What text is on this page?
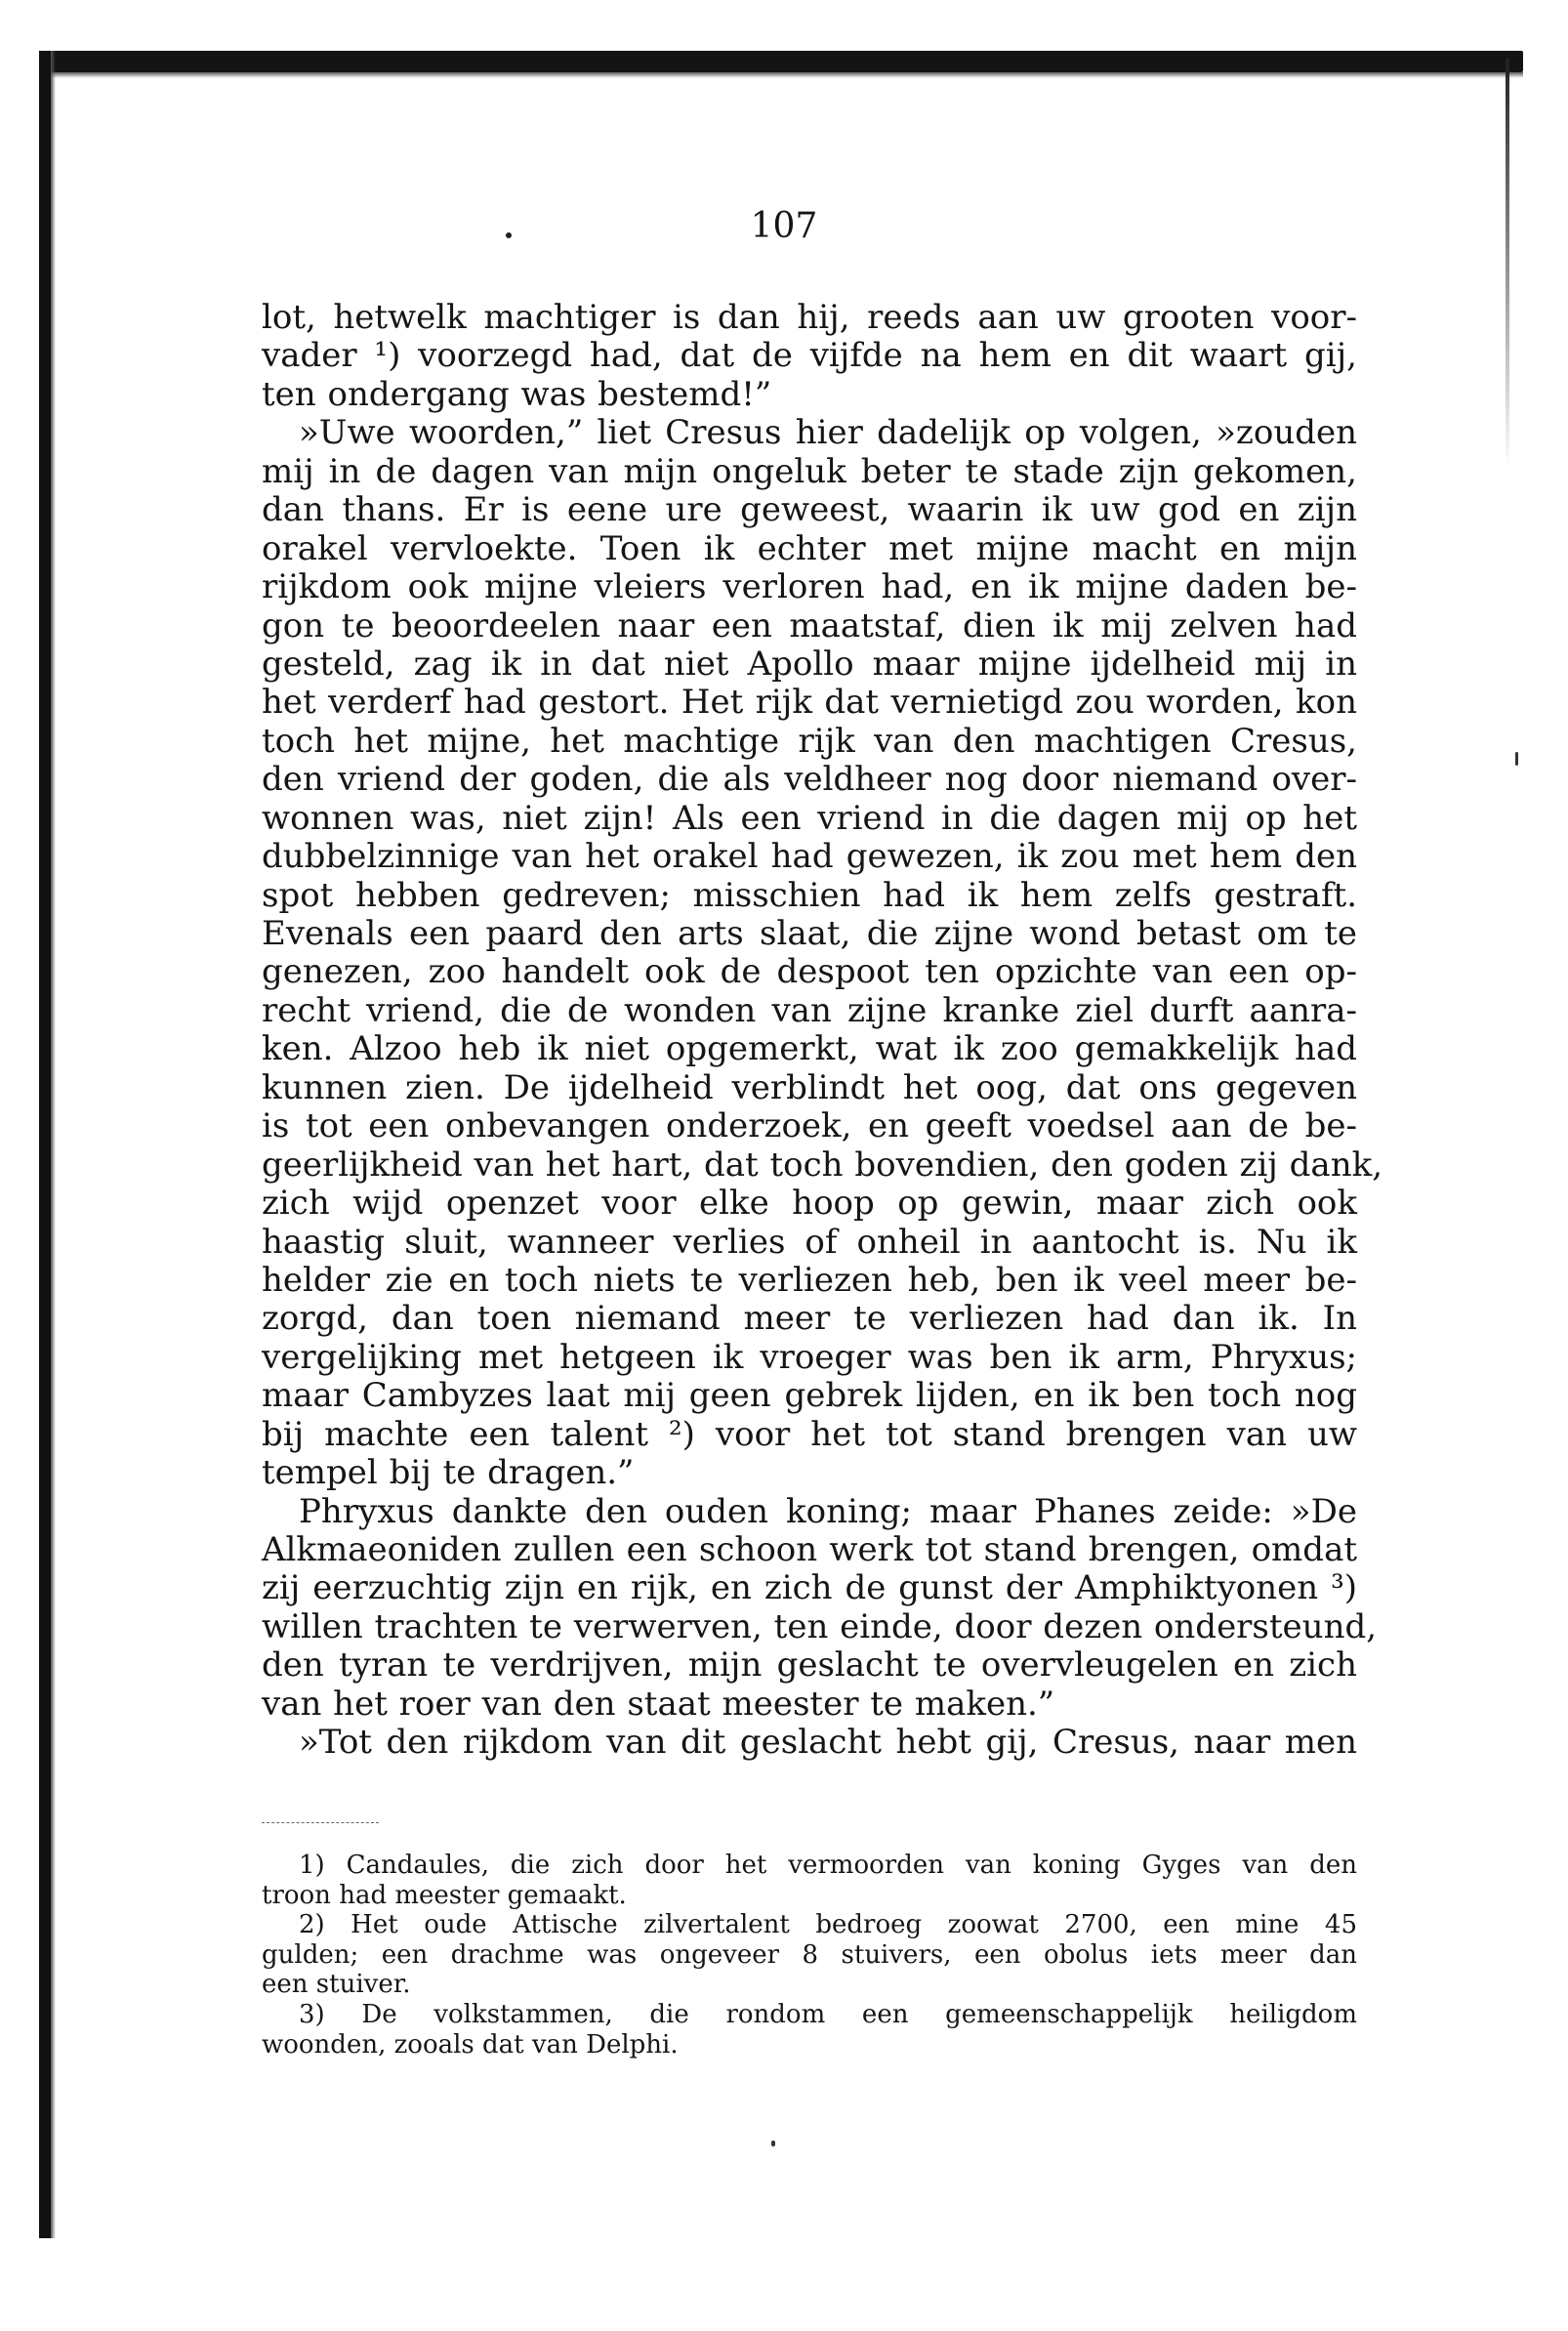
107
lot, hetwelk machtiger is dan hij, reeds aan uw grooten voor-
vader ¹) voorzegd had, dat de vijfde na hem en dit waart gij,
ten ondergang was bestemd!”
»Uwe woorden,” liet Cresus hier dadelijk op volgen, »zouden
mij in de dagen van mijn ongeluk beter te stade zijn gekomen,
dan thans. Er is eene ure geweest, waarin ik uw god en zijn
orakel vervloekte. Toen ik echter met mijne macht en mijn
rijkdom ook mijne vleiers verloren had, en ik mijne daden be-
gon te beoordeelen naar een maatstaf, dien ik mij zelven had
gesteld, zag ik in dat niet Apollo maar mijne ijdelheid mij in
het verderf had gestort. Het rijk dat vernietigd zou worden, kon
toch het mijne, het machtige rijk van den machtigen Cresus,
den vriend der goden, die als veldheer nog door niemand over-
wonnen was, niet zijn! Als een vriend in die dagen mij op het
dubbelzinnige van het orakel had gewezen, ik zou met hem den
spot hebben gedreven; misschien had ik hem zelfs gestraft.
Evenals een paard den arts slaat, die zijne wond betast om te
genezen, zoo handelt ook de despoot ten opzichte van een op-
recht vriend, die de wonden van zijne kranke ziel durft aanra-
ken. Alzoo heb ik niet opgemerkt, wat ik zoo gemakkelijk had
kunnen zien. De ijdelheid verblindt het oog, dat ons gegeven
is tot een onbevangen onderzoek, en geeft voedsel aan de be-
geerlijkheid van het hart, dat toch bovendien, den goden zij dank,
zich wijd openzet voor elke hoop op gewin, maar zich ook
haastig sluit, wanneer verlies of onheil in aantocht is. Nu ik
helder zie en toch niets te verliezen heb, ben ik veel meer be-
zorgd, dan toen niemand meer te verliezen had dan ik. In
vergelijking met hetgeen ik vroeger was ben ik arm, Phryxus;
maar Cambyzes laat mij geen gebrek lijden, en ik ben toch nog
bij machte een talent ²) voor het tot stand brengen van uw
tempel bij te dragen.”
Phryxus dankte den ouden koning; maar Phanes zeide: »De
Alkmaeoniden zullen een schoon werk tot stand brengen, omdat
zij eerzuchtig zijn en rijk, en zich de gunst der Amphiktyonen ³)
willen trachten te verwerven, ten einde, door dezen ondersteund,
den tyran te verdrijven, mijn geslacht te overvleugelen en zich
van het roer van den staat meester te maken.”
»Tot den rijkdom van dit geslacht hebt gij, Cresus, naar men
1) Candaules, die zich door het vermoorden van koning Gyges van den
troon had meester gemaakt.
2) Het oude Attische zilvertalent bedroeg zoowat 2700, een mine 45
gulden; een drachme was ongeveer 8 stuivers, een obolus iets meer dan
een stuiver.
3) De volkstammen, die rondom een gemeenschappelijk heiligdom
woonden, zooals dat van Delphi.
